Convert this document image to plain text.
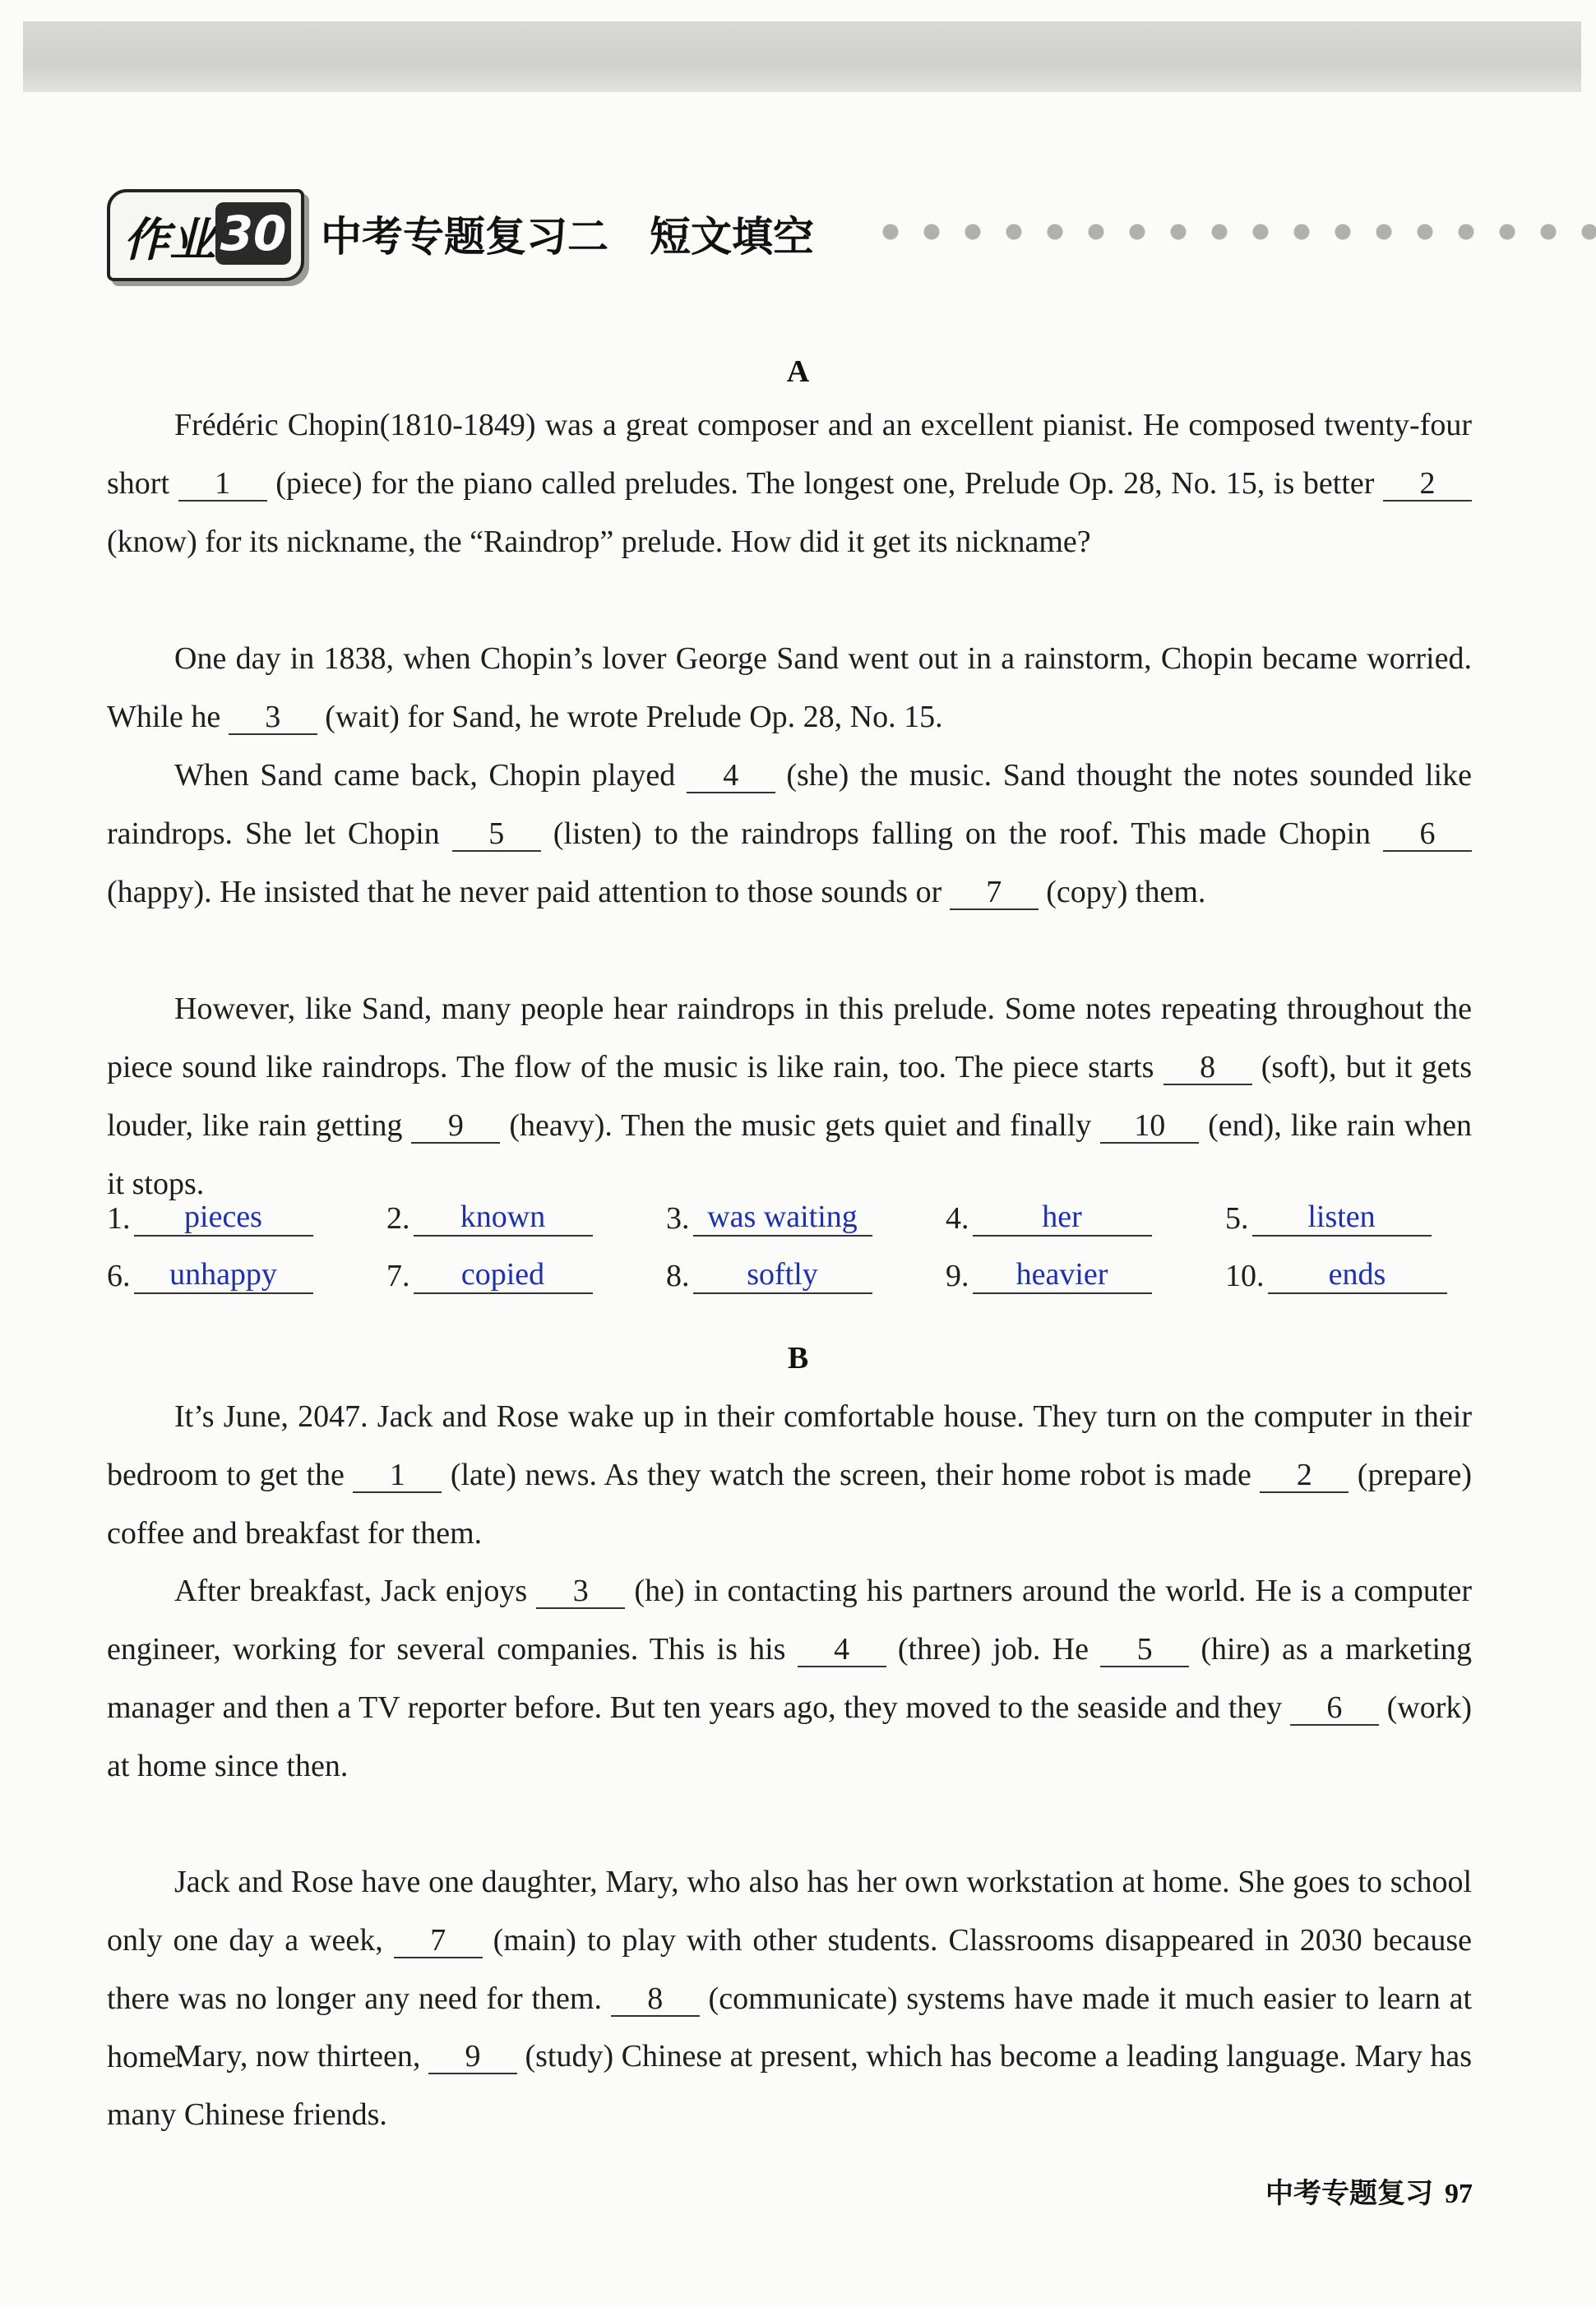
作业 30 中考专题复习二 短文填空
A
Frédéric Chopin(1810-1849) was a great composer and an excellent pianist. He composed twenty-four short 1 (piece) for the piano called preludes. The longest one, Prelude Op. 28, No. 15, is better 2 (know) for its nickname, the “Raindrop” prelude. How did it get its nickname?
One day in 1838, when Chopin’s lover George Sand went out in a rainstorm, Chopin became worried. While he 3 (wait) for Sand, he wrote Prelude Op. 28, No. 15.
When Sand came back, Chopin played 4 (she) the music. Sand thought the notes sounded like raindrops. She let Chopin 5 (listen) to the raindrops falling on the roof. This made Chopin 6 (happy). He insisted that he never paid attention to those sounds or 7 (copy) them.
However, like Sand, many people hear raindrops in this prelude. Some notes repeating throughout the piece sound like raindrops. The flow of the music is like rain, too. The piece starts 8 (soft), but it gets louder, like rain getting 9 (heavy). Then the music gets quiet and finally 10 (end), like rain when it stops.
1. pieces	2. known	3. was waiting	4. her	5. listen
6. unhappy	7. copied	8. softly	9. heavier	10. ends
B
It’s June, 2047. Jack and Rose wake up in their comfortable house. They turn on the computer in their bedroom to get the 1 (late) news. As they watch the screen, their home robot is made 2 (prepare) coffee and breakfast for them.
After breakfast, Jack enjoys 3 (he) in contacting his partners around the world. He is a computer engineer, working for several companies. This is his 4 (three) job. He 5 (hire) as a marketing manager and then a TV reporter before. But ten years ago, they moved to the seaside and they 6 (work) at home since then.
Jack and Rose have one daughter, Mary, who also has her own workstation at home. She goes to school only one day a week, 7 (main) to play with other students. Classrooms disappeared in 2030 because there was no longer any need for them. 8 (communicate) systems have made it much easier to learn at home.
Mary, now thirteen, 9 (study) Chinese at present, which has become a leading language. Mary has many Chinese friends.
中考专题复习 97
